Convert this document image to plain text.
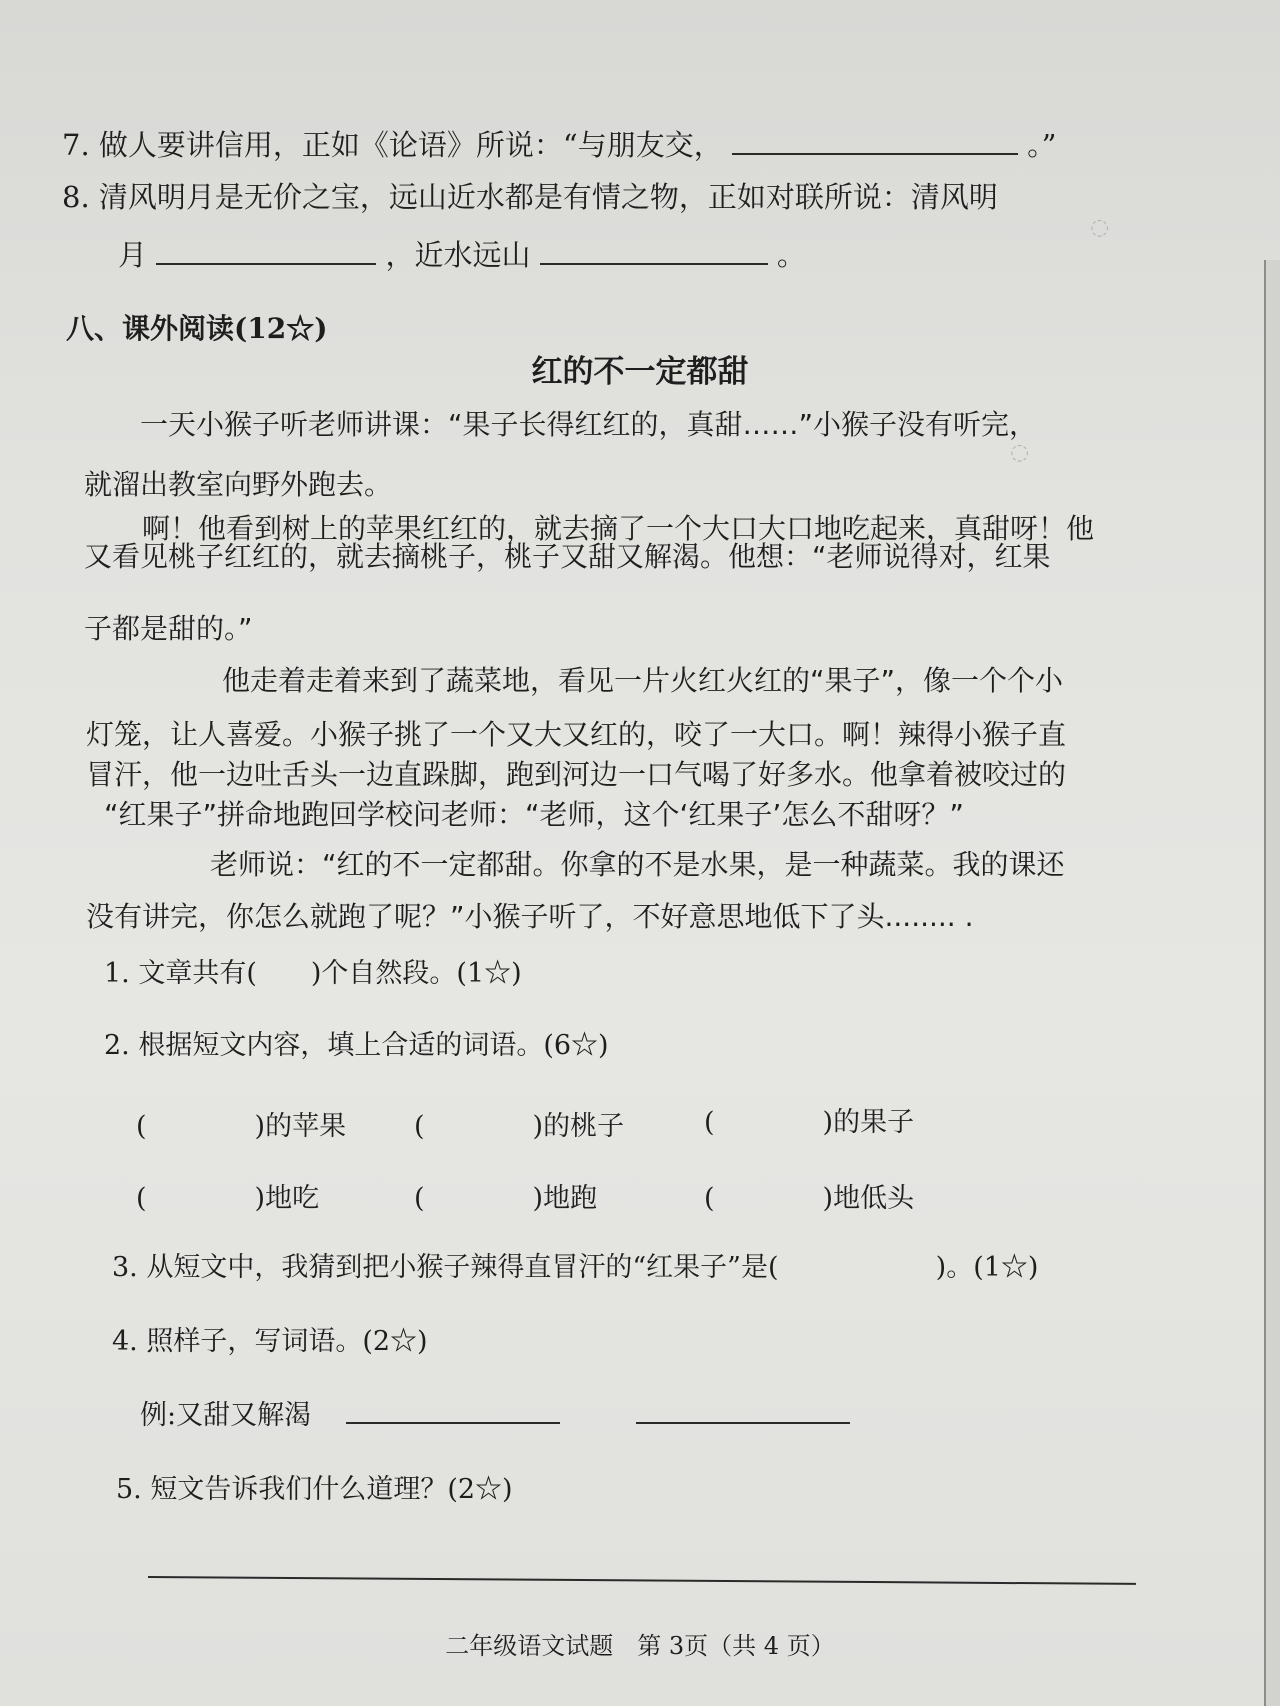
◌
◌
7. 做人要讲信用，正如《论语》所说：“与朋友交，	。”
8. 清风明月是无价之宝，远山近水都是有情之物，正如对联所说：清风明
月	，近水远山	。
八、课外阅读(12☆)
红的不一定都甜
一天小猴子听老师讲课：“果子长得红红的，真甜……”小猴子没有听完，
就溜出教室向野外跑去。
啊！他看到树上的苹果红红的，就去摘了一个大口大口地吃起来，真甜呀！他
又看见桃子红红的，就去摘桃子，桃子又甜又解渴。他想：“老师说得对，红果
子都是甜的。”
他走着走着来到了蔬菜地，看见一片火红火红的“果子”，像一个个小
灯笼，让人喜爱。小猴子挑了一个又大又红的，咬了一大口。啊！辣得小猴子直
冒汗，他一边吐舌头一边直跺脚，跑到河边一口气喝了好多水。他拿着被咬过的
“红果子”拼命地跑回学校问老师：“老师，这个‘红果子’怎么不甜呀？”
老师说：“红的不一定都甜。你拿的不是水果，是一种蔬菜。我的课还
没有讲完，你怎么就跑了呢？”小猴子听了，不好意思地低下了头........ .
1. 文章共有(　　)个自然段。(1☆)
2. 根据短文内容，填上合适的词语。(6☆)
(	)的苹果	(	)的桃子	(	)的果子
(	)地吃	(	)地跑	(	)地低头
3. 从短文中，我猜到把小猴子辣得直冒汗的“红果子”是(	)。(1☆)
4. 照样子，写词语。(2☆)
例:又甜又解渴
5. 短文告诉我们什么道理？(2☆)
二年级语文试题　第 3页（共 4 页）
